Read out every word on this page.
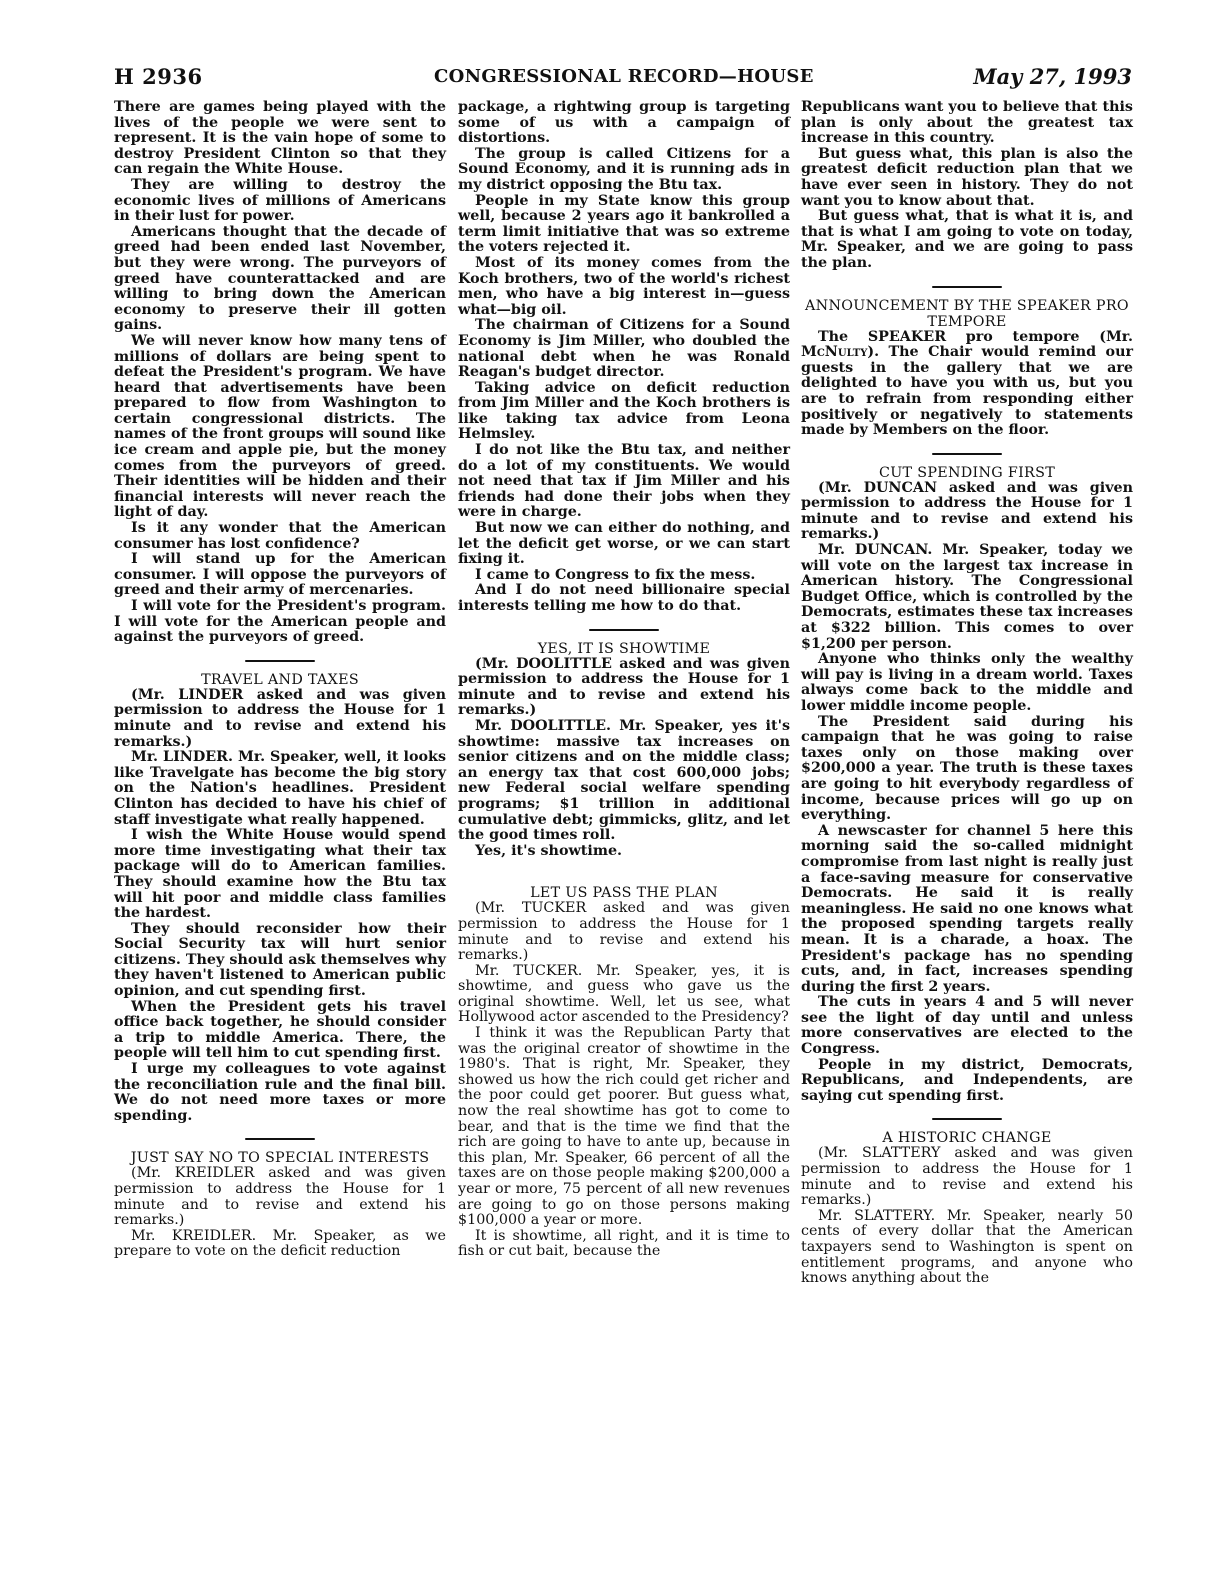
H 2936	CONGRESSIONAL RECORD—HOUSE	May 27, 1993

There are games being played with the lives of the people we were sent to represent. It is the vain hope of some to destroy President Clinton so that they can regain the White House.

They are willing to destroy the economic lives of millions of Americans in their lust for power.

Americans thought that the decade of greed had been ended last November, but they were wrong. The purveyors of greed have counterattacked and are willing to bring down the American economy to preserve their ill gotten gains.

We will never know how many tens of millions of dollars are being spent to defeat the President's program. We have heard that advertisements have been prepared to flow from Washington to certain congressional districts. The names of the front groups will sound like ice cream and apple pie, but the money comes from the purveyors of greed. Their identities will be hidden and their financial interests will never reach the light of day.

Is it any wonder that the American consumer has lost confidence?

I will stand up for the American consumer. I will oppose the purveyors of greed and their army of mercenaries.

I will vote for the President's program. I will vote for the American people and against the purveyors of greed.

TRAVEL AND TAXES

(Mr. LINDER asked and was given permission to address the House for 1 minute and to revise and extend his remarks.)

Mr. LINDER. Mr. Speaker, well, it looks like Travelgate has become the big story on the Nation's headlines. President Clinton has decided to have his chief of staff investigate what really happened.

I wish the White House would spend more time investigating what their tax package will do to American families. They should examine how the Btu tax will hit poor and middle class families the hardest.

They should reconsider how their Social Security tax will hurt senior citizens. They should ask themselves why they haven't listened to American public opinion, and cut spending first.

When the President gets his travel office back together, he should consider a trip to middle America. There, the people will tell him to cut spending first.

I urge my colleagues to vote against the reconciliation rule and the final bill. We do not need more taxes or more spending.

JUST SAY NO TO SPECIAL INTERESTS

(Mr. KREIDLER asked and was given permission to address the House for 1 minute and to revise and extend his remarks.)

Mr. KREIDLER. Mr. Speaker, as we prepare to vote on the deficit reduction

package, a rightwing group is targeting some of us with a campaign of distortions.

The group is called Citizens for a Sound Economy, and it is running ads in my district opposing the Btu tax.

People in my State know this group well, because 2 years ago it bankrolled a term limit initiative that was so extreme the voters rejected it.

Most of its money comes from the Koch brothers, two of the world's richest men, who have a big interest in—guess what—big oil.

The chairman of Citizens for a Sound Economy is Jim Miller, who doubled the national debt when he was Ronald Reagan's budget director.

Taking advice on deficit reduction from Jim Miller and the Koch brothers is like taking tax advice from Leona Helmsley.

I do not like the Btu tax, and neither do a lot of my constituents. We would not need that tax if Jim Miller and his friends had done their jobs when they were in charge.

But now we can either do nothing, and let the deficit get worse, or we can start fixing it.

I came to Congress to fix the mess.

And I do not need billionaire special interests telling me how to do that.

YES, IT IS SHOWTIME

(Mr. DOOLITTLE asked and was given permission to address the House for 1 minute and to revise and extend his remarks.)

Mr. DOOLITTLE. Mr. Speaker, yes it's showtime: massive tax increases on senior citizens and on the middle class; an energy tax that cost 600,000 jobs; new Federal social welfare spending programs; $1 trillion in additional cumulative debt; gimmicks, glitz, and let the good times roll.

Yes, it's showtime.

LET US PASS THE PLAN

(Mr. TUCKER asked and was given permission to address the House for 1 minute and to revise and extend his remarks.)

Mr. TUCKER. Mr. Speaker, yes, it is showtime, and guess who gave us the original showtime. Well, let us see, what Hollywood actor ascended to the Presidency?

I think it was the Republican Party that was the original creator of showtime in the 1980's. That is right, Mr. Speaker, they showed us how the rich could get richer and the poor could get poorer. But guess what, now the real showtime has got to come to bear, and that is the time we find that the rich are going to have to ante up, because in this plan, Mr. Speaker, 66 percent of all the taxes are on those people making $200,000 a year or more, 75 percent of all new revenues are going to go on those persons making $100,000 a year or more.

It is showtime, all right, and it is time to fish or cut bait, because the

Republicans want you to believe that this plan is only about the greatest tax increase in this country.

But guess what, this plan is also the greatest deficit reduction plan that we have ever seen in history. They do not want you to know about that.

But guess what, that is what it is, and that is what I am going to vote on today, Mr. Speaker, and we are going to pass the plan.

ANNOUNCEMENT BY THE SPEAKER PRO TEMPORE

The SPEAKER pro tempore (Mr. McNulty). The Chair would remind our guests in the gallery that we are delighted to have you with us, but you are to refrain from responding either positively or negatively to statements made by Members on the floor.

CUT SPENDING FIRST

(Mr. DUNCAN asked and was given permission to address the House for 1 minute and to revise and extend his remarks.)

Mr. DUNCAN. Mr. Speaker, today we will vote on the largest tax increase in American history. The Congressional Budget Office, which is controlled by the Democrats, estimates these tax increases at $322 billion. This comes to over $1,200 per person.

Anyone who thinks only the wealthy will pay is living in a dream world. Taxes always come back to the middle and lower middle income people.

The President said during his campaign that he was going to raise taxes only on those making over $200,000 a year. The truth is these taxes are going to hit everybody regardless of income, because prices will go up on everything.

A newscaster for channel 5 here this morning said the so-called midnight compromise from last night is really just a face-saving measure for conservative Democrats. He said it is really meaningless. He said no one knows what the proposed spending targets really mean. It is a charade, a hoax. The President's package has no spending cuts, and, in fact, increases spending during the first 2 years.

The cuts in years 4 and 5 will never see the light of day until and unless more conservatives are elected to the Congress.

People in my district, Democrats, Republicans, and Independents, are saying cut spending first.

A HISTORIC CHANGE

(Mr. SLATTERY asked and was given permission to address the House for 1 minute and to revise and extend his remarks.)

Mr. SLATTERY. Mr. Speaker, nearly 50 cents of every dollar that the American taxpayers send to Washington is spent on entitlement programs, and anyone who knows anything about the
